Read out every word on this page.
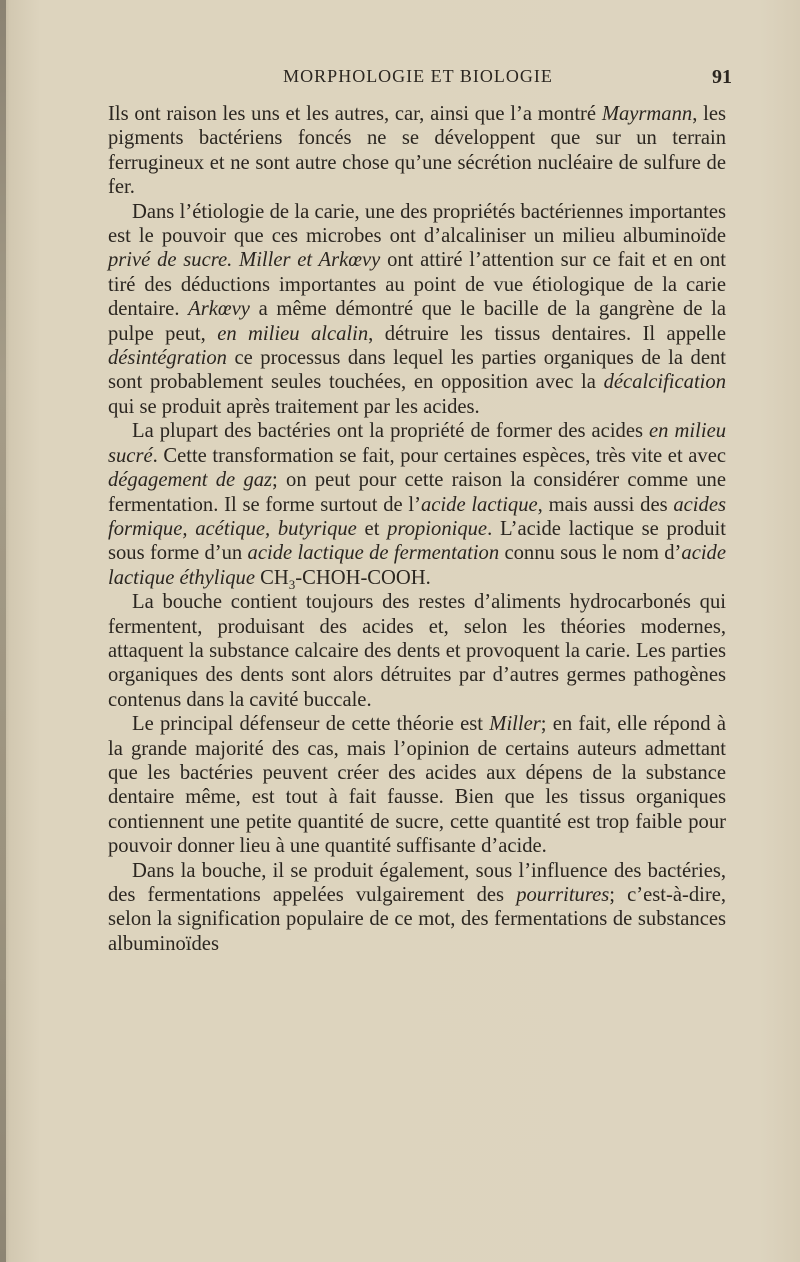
MORPHOLOGIE ET BIOLOGIE	91

Ils ont raison les uns et les autres, car, ainsi que l’a montré Mayrmann, les pigments bactériens foncés ne se développent que sur un terrain ferrugineux et ne sont autre chose qu’une sécrétion nucléaire de sulfure de fer.

Dans l’étiologie de la carie, une des propriétés bactériennes importantes est le pouvoir que ces microbes ont d’alcaliniser un milieu albuminoïde privé de sucre. Miller et Arkœvy ont attiré l’attention sur ce fait et en ont tiré des déductions importantes au point de vue étiologique de la carie dentaire. Arkœvy a même démontré que le bacille de la gangrène de la pulpe peut, en milieu alcalin, détruire les tissus dentaires. Il appelle désintégration ce processus dans lequel les parties organiques de la dent sont probablement seules touchées, en opposition avec la décalcification qui se produit après traitement par les acides.

La plupart des bactéries ont la propriété de former des acides en milieu sucré. Cette transformation se fait, pour certaines espèces, très vite et avec dégagement de gaz; on peut pour cette raison la considérer comme une fermentation. Il se forme surtout de l’acide lactique, mais aussi des acides formique, acétique, butyrique et propionique. L’acide lactique se produit sous forme d’un acide lactique de fermentation connu sous le nom d’acide lactique éthylique $CH_3-CHOH$-COOH.

La bouche contient toujours des restes d’aliments hydrocarbonés qui fermentent, produisant des acides et, selon les théories modernes, attaquent la substance calcaire des dents et provoquent la carie. Les parties organiques des dents sont alors détruites par d’autres germes pathogènes contenus dans la cavité buccale.

Le principal défenseur de cette théorie est Miller; en fait, elle répond à la grande majorité des cas, mais l’opinion de certains auteurs admettant que les bactéries peuvent créer des acides aux dépens de la substance dentaire même, est tout à fait fausse. Bien que les tissus organiques contiennent une petite quantité de sucre, cette quantité est trop faible pour pouvoir donner lieu à une quantité suffisante d’acide.

Dans la bouche, il se produit également, sous l’influence des bactéries, des fermentations appelées vulgairement des pourritures; c’est-à-dire, selon la signification populaire de ce mot, des fermentations de substances albuminoïdes
